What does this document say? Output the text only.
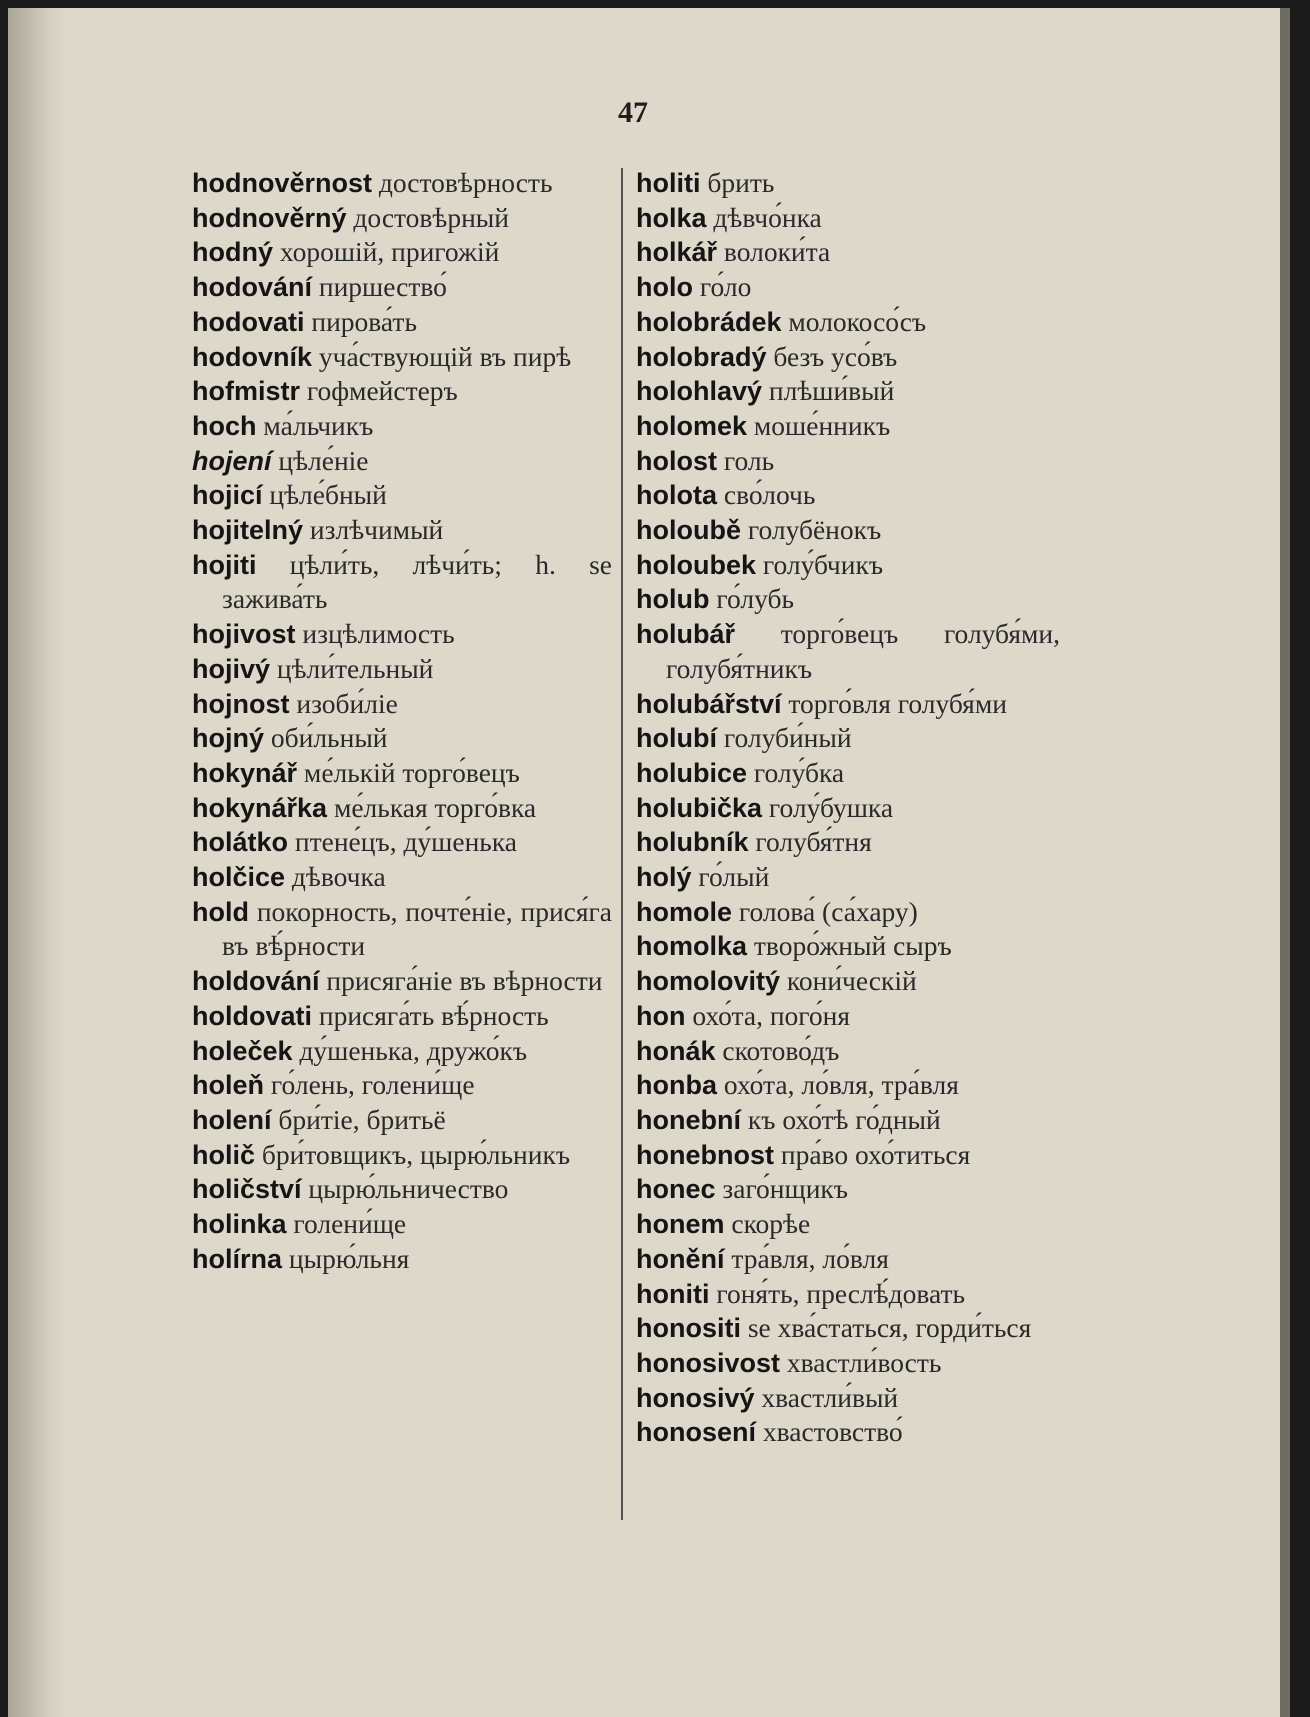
47
hodnověrnost достовѣрность
hodnověrný достовѣрный
hodný хорошій, пригожій
hodování пиршество́
hodovati пирова́ть
hodovník уча́ствующій въ пирѣ
hofmistr гофмейстеръ
hoch ма́льчикъ
hojení цѣле́ніе
hojicí цѣле́бный
hojitelný излѣчимый
hojiti цѣли́ть, лѣчи́ть; h. se зажива́ть
hojivost изцѣлимость
hojivý цѣли́тельный
hojnost изоби́ліе
hojný оби́льный
hokynář ме́лькій торго́вецъ
hokynářka ме́лькая торго́вка
holátko птене́цъ, ду́шенька
holčice дѣвочка
hold покорность, почте́ніе, прися́га въ вѣ́рности
holdování присяга́ніе въ вѣрности
holdovati присяга́ть вѣ́рность
holeček ду́шенька, дружо́къ
holeň го́лень, голени́ще
holení бри́тіе, бритьё
holič бри́товщикъ, цырю́льникъ
holičství цырю́льничество
holinka голени́ще
holírna цырю́льня
holiti брить
holka дѣвчо́нка
holkář волоки́та
holo го́ло
holobrádek молокосо́съ
holobradý безъ усо́въ
holohlavý плѣши́вый
holomek моше́нникъ
holost голь
holota сво́лочь
holoubě голубёнокъ
holoubek голу́бчикъ
holub го́лубь
holubář торго́вецъ голубя́ми, голубя́тникъ
holubářství торго́вля голубя́ми
holubí голуби́ный
holubice голу́бка
holubička голу́бушка
holubník голубя́тня
holý го́лый
homole голова́ (са́хару)
homolka творо́жный сыръ
homolovitý кони́ческій
hon охо́та, пого́ня
honák скотово́дъ
honba охо́та, ло́вля, тра́вля
honební къ охо́тѣ го́дный
honebnost пра́во охо́титься
honec заго́нщикъ
honem скорѣе
honění тра́вля, ло́вля
honiti гоня́ть, преслѣ́довать
honositi se хва́статься, горди́ться
honosivost хвастли́вость
honosivý хвастли́вый
honosení хвастовство́
